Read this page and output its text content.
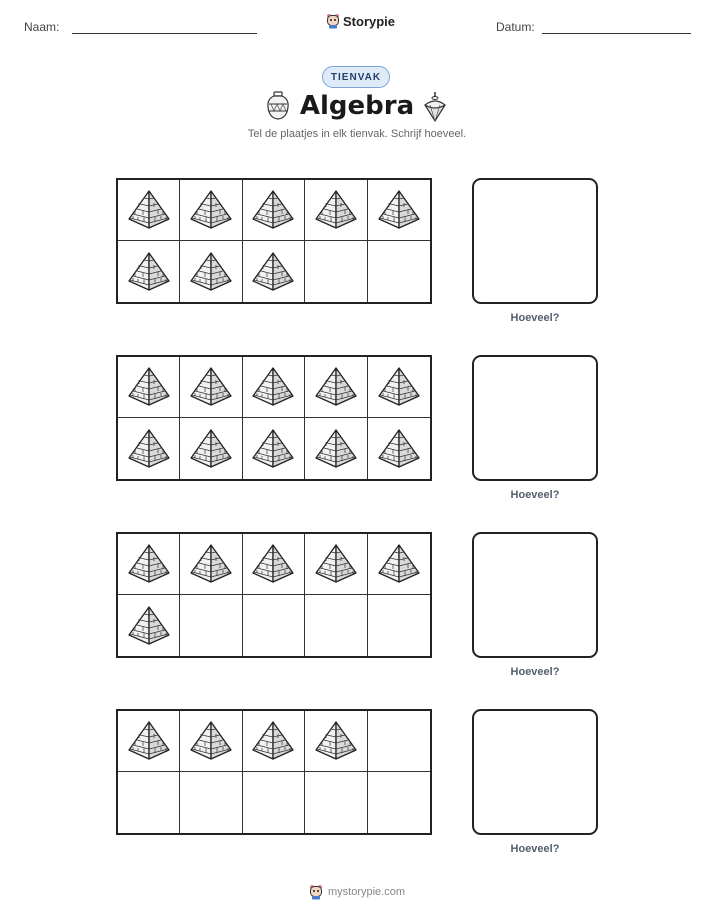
Naam:	Storypie	Datum:
TIENVAK
Algebra
Tel de plaatjes in elk tienvak. Schrijf hoeveel.
Hoeveel?
Hoeveel?
Hoeveel?
Hoeveel?
mystorypie.com
